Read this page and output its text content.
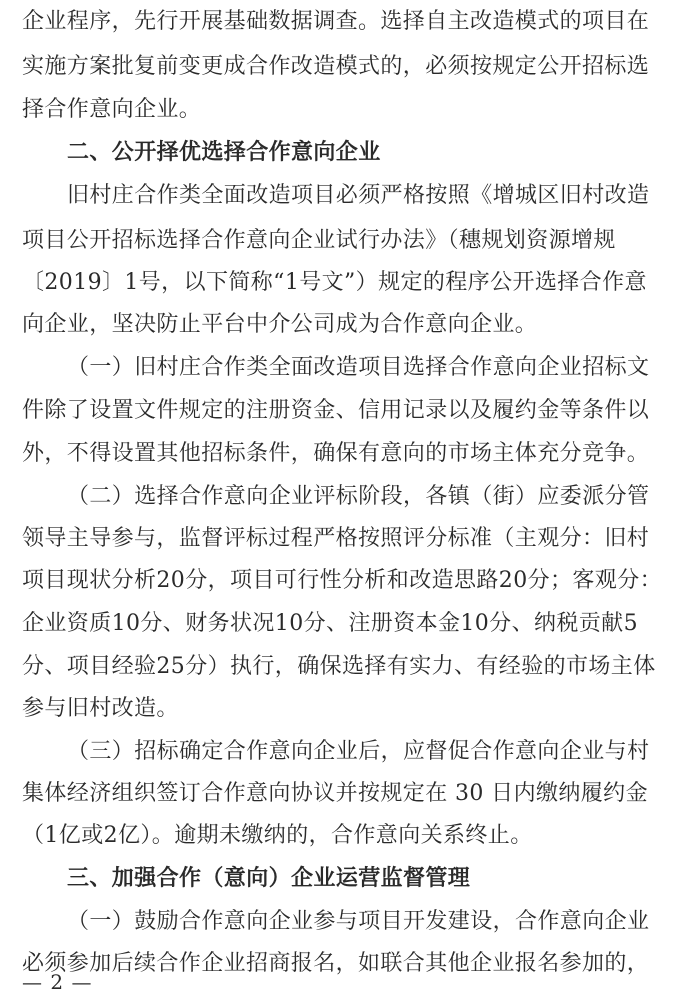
企业程序，先行开展基础数据调查。选择自主改造模式的项目在
实施方案批复前变更成合作改造模式的，必须按规定公开招标选
择合作意向企业。
二、公开择优选择合作意向企业
旧村庄合作类全面改造项目必须严格按照《增城区旧村改造
项目公开招标选择合作意向企业试行办法》（穗规划资源增规
〔2019〕1号，以下简称“1号文”）规定的程序公开选择合作意
向企业，坚决防止平台中介公司成为合作意向企业。
（一）旧村庄合作类全面改造项目选择合作意向企业招标文
件除了设置文件规定的注册资金、信用记录以及履约金等条件以
外，不得设置其他招标条件，确保有意向的市场主体充分竞争。
（二）选择合作意向企业评标阶段，各镇（街）应委派分管
领导主导参与，监督评标过程严格按照评分标准（主观分：旧村
项目现状分析20分，项目可行性分析和改造思路20分；客观分：
企业资质10分、财务状况10分、注册资本金10分、纳税贡献5
分、项目经验25分）执行，确保选择有实力、有经验的市场主体
参与旧村改造。
（三）招标确定合作意向企业后，应督促合作意向企业与村
集体经济组织签订合作意向协议并按规定在 30 日内缴纳履约金
（1亿或2亿）。逾期未缴纳的，合作意向关系终止。
三、加强合作（意向）企业运营监督管理
（一）鼓励合作意向企业参与项目开发建设，合作意向企业
必须参加后续合作企业招商报名，如联合其他企业报名参加的，
— 2 —
